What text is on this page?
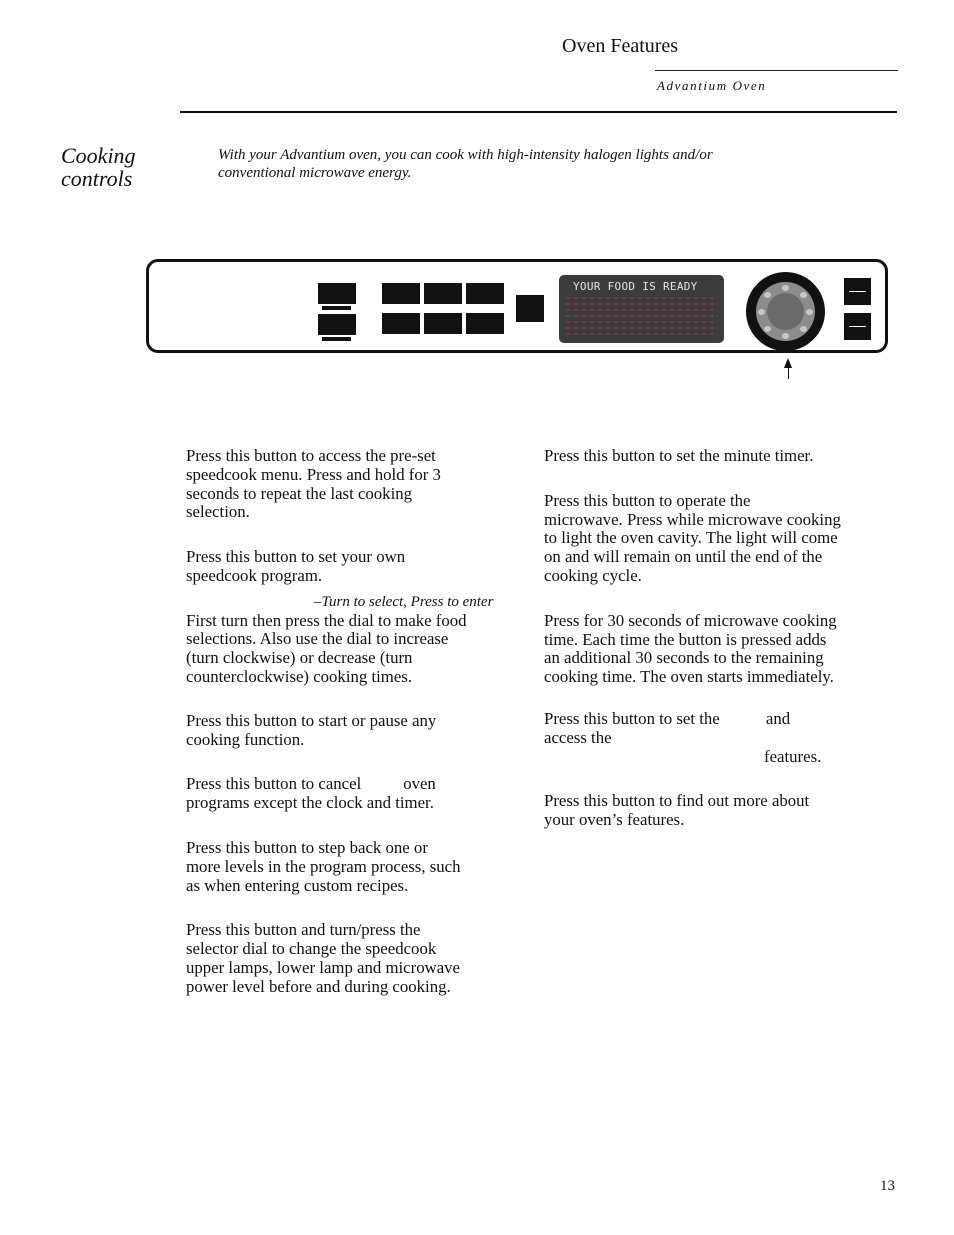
Oven Features
Advantium Oven
Cooking
controls
With your Advantium oven, you can cook with high-intensity halogen lights and/or
conventional microwave energy.
YOUR FOOD IS READY
Press this button to access the pre-set
speedcook menu. Press and hold for 3
seconds to repeat the last cooking
selection.
Press this button to set your own
speedcook program.
–Turn to select, Press to enter
First turn then press the dial to make food
selections. Also use the dial to increase
(turn clockwise) or decrease (turn
counterclockwise) cooking times.
Press this button to start or pause any
cooking function.
Press this button to cancel          oven
programs except the clock and timer.
Press this button to step back one or
more levels in the program process, such
as when entering custom recipes.
Press this button and turn/press the
selector dial to change the speedcook
upper lamps, lower lamp and microwave
power level before and during cooking.
Press this button to set the minute timer.
Press this button to operate the
microwave. Press while microwave cooking
to light the oven cavity. The light will come
on and will remain on until the end of the
cooking cycle.
Press for 30 seconds of microwave cooking
time. Each time the button is pressed adds
an additional 30 seconds to the remaining
cooking time. The oven starts immediately.
Press this button to set the           and
access the
features.
Press this button to find out more about
your oven’s features.
13
